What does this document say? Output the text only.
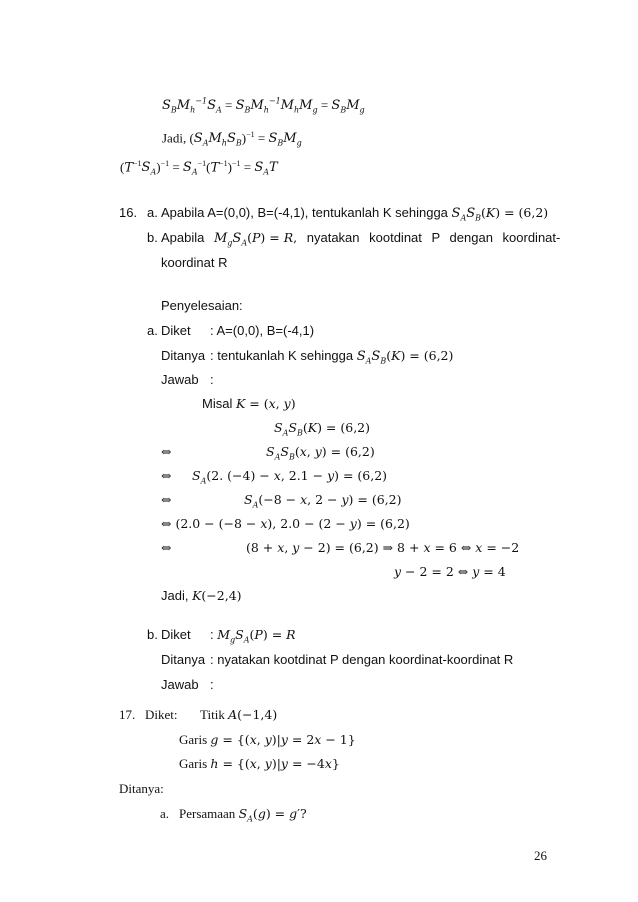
$S_BM_h^{-1}S_A = S_BM_h^{-1}M_hM_g = S_BM_g$
Jadi, $(S_AM_hS_B)^{-1} = S_BM_g$
$(T^{-1}S_A)^{-1} = S_A^{-1}(T^{-1})^{-1} = S_AT$
16. a. Apabila A=(0,0), B=(-4,1), tentukanlah K sehingga $S_AS_B(K) = (6,2)$
b. Apabila $M_gS_A(P) = R$, nyatakan kootdinat P dengan koordinat-
koordinat R
Penyelesaian:
a. Diket : A=(0,0), B=(-4,1)
Ditanya : tentukanlah K sehingga $S_AS_B(K) = (6,2)$
Jawab :
Misal K = (x, y)
$S_AS_B(K) = (6,2)$
⇔	$S_AS_B(x$, y) = (6,2)
⇔ $S_A(2$. (−4) − x, 2.1 − y) = (6,2)
⇔	$S_A(-8 - x$, 2 − y) = (6,2)
⇔ (2.0 − (−8 − x), 2.0 − (2 − y) = (6,2)
⇔	(8 + x, y − 2) = (6,2) ⇒ 8 + x = 6 ⇔ x = −2
y − 2 = 2 ⇔ y = 4
Jadi, K(−2,4)
b. Diket : $M_gS_A(P) = R$
Ditanya : nyatakan kootdinat P dengan koordinat-koordinat R
Jawab :
17. Diket: Titik A(−1,4)
Garis g = {(x, y)|y = 2x − 1}
Garis h = {(x, y)|y = −4x}
Ditanya:
a. Persamaan $S_A(g) = g'$?
26
